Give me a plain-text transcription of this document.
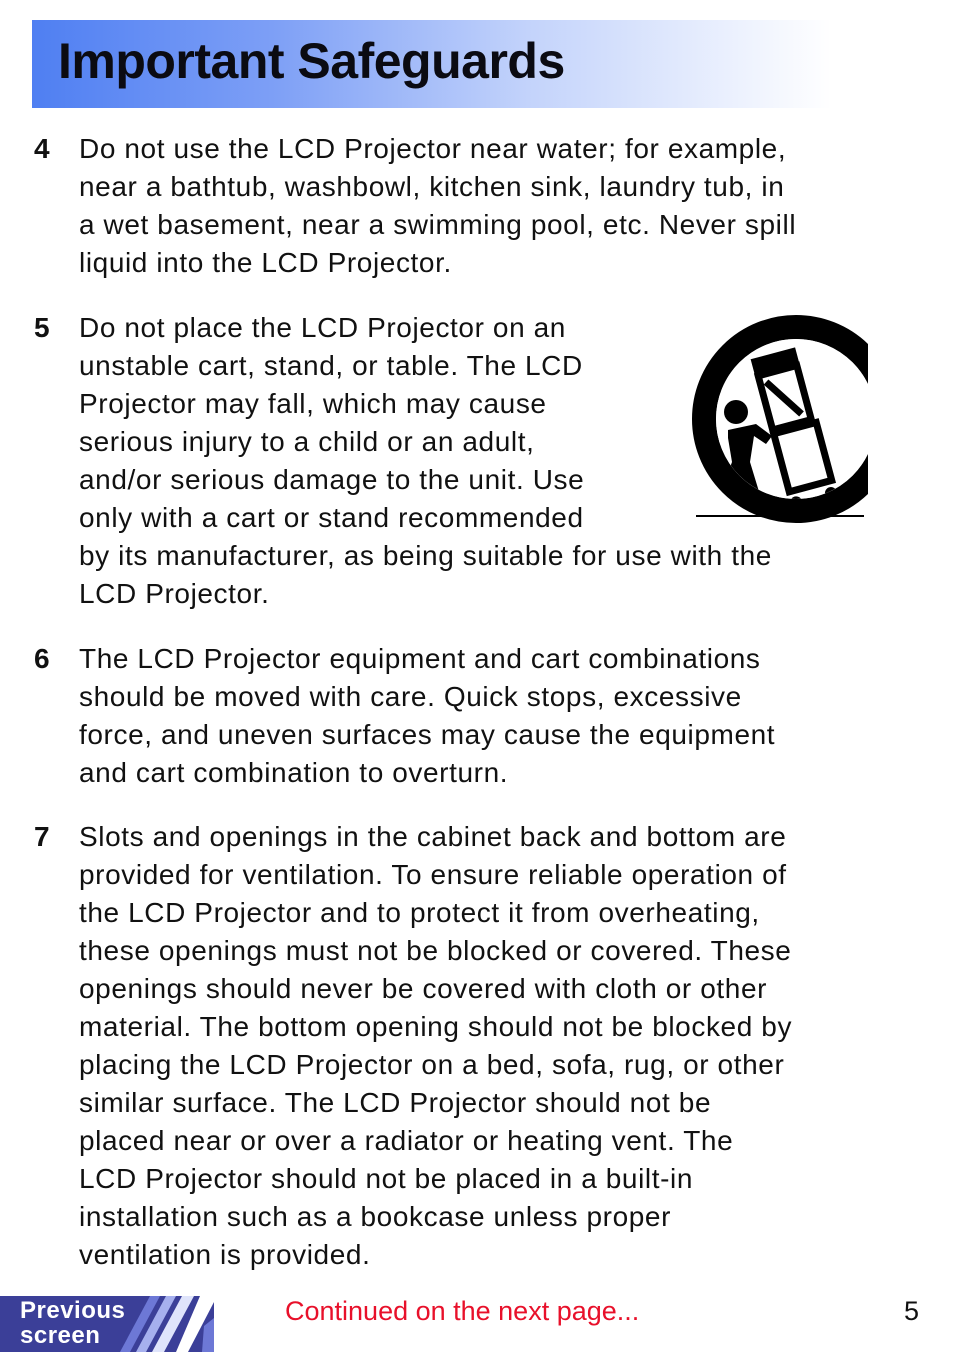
Important Safeguards
4 Do not use the LCD Projector near water; for example,
near a bathtub, washbowl, kitchen sink, laundry tub, in
a wet basement, near a swimming pool, etc. Never spill
liquid into the LCD Projector.
5 Do not place the LCD Projector on an
unstable cart, stand, or table. The LCD
Projector may fall, which may cause
serious injury to a child or an adult,
and/or serious damage to the unit. Use
only with a cart or stand recommended
by its manufacturer, as being suitable for use with the
LCD Projector.
6 The LCD Projector equipment and cart combinations
should be moved with care. Quick stops, excessive
force, and uneven surfaces may cause the equipment
and cart combination to overturn.
7 Slots and openings in the cabinet back and bottom are
provided for ventilation. To ensure reliable operation of
the LCD Projector and to protect it from overheating,
these openings must not be blocked or covered. These
openings should never be covered with cloth or other
material. The bottom opening should not be blocked by
placing the LCD Projector on a bed, sofa, rug, or other
similar surface. The LCD Projector should not be
placed near or over a radiator or heating vent. The
LCD Projector should not be placed in a built-in
installation such as a bookcase unless proper
ventilation is provided.
Previous
screen
Continued on the next page...	5
